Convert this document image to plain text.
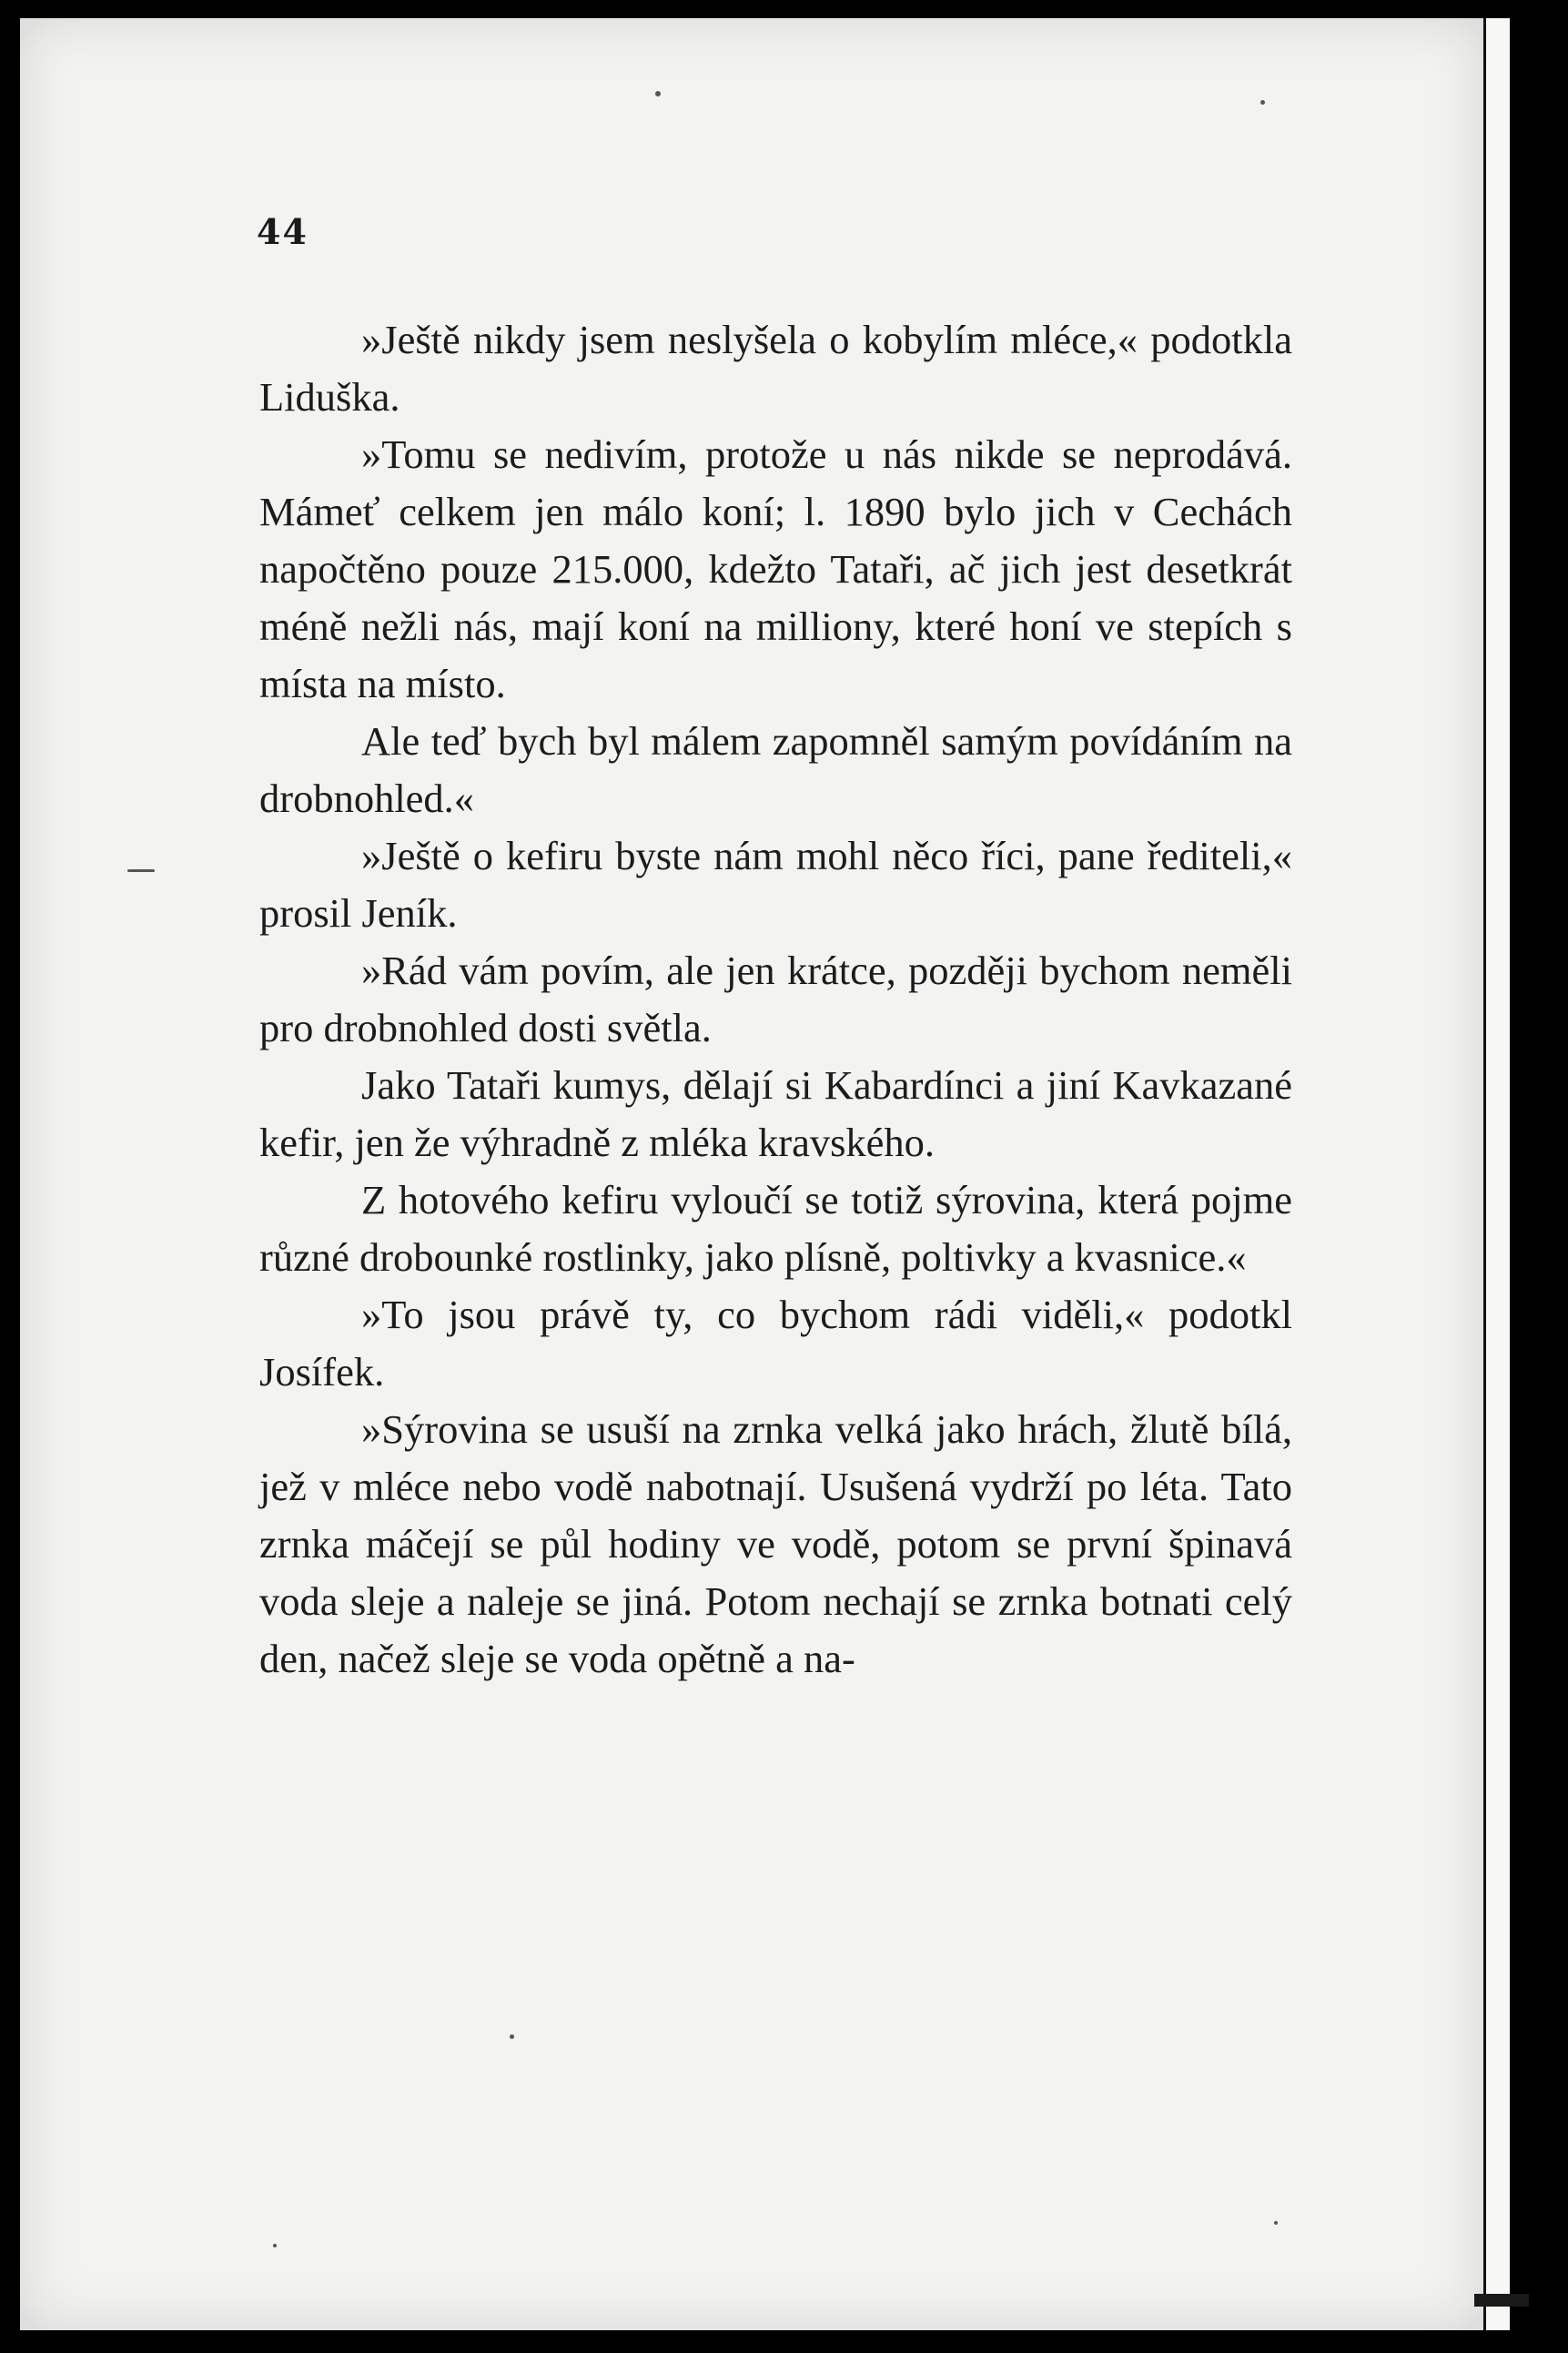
44

»Ještě nikdy jsem neslyšela o kobylím mléce,« podotkla Liduška.

»Tomu se nedivím, protože u nás nikde se neprodává. Mámeť celkem jen málo koní; l. 1890 bylo jich v Cechách napočtěno pouze 215.000, kdežto Tataři, ač jich jest desetkrát méně nežli nás, mají koní na milliony, které honí ve stepích s místa na místo.

Ale teď bych byl málem zapomněl samým povídáním na drobnohled.«

»Ještě o kefiru byste nám mohl něco říci, pane řediteli,« prosil Jeník.

»Rád vám povím, ale jen krátce, později bychom neměli pro drobnohled dosti světla.

Jako Tataři kumys, dělají si Kabardínci a jiní Kavkazané kefir, jen že výhradně z mléka kravského.

Z hotového kefiru vyloučí se totiž sýrovina, která pojme různé drobounké rostlinky, jako plísně, poltivky a kvasnice.«

»To jsou právě ty, co bychom rádi viděli,« podotkl Josífek.

»Sýrovina se usuší na zrnka velká jako hrách, žlutě bílá, jež v mléce nebo vodě nabotnají. Usušená vydrží po léta. Tato zrnka máčejí se půl hodiny ve vodě, potom se první špinavá voda sleje a naleje se jiná. Potom nechají se zrnka botnati celý den, načež sleje se voda opětně a na-
